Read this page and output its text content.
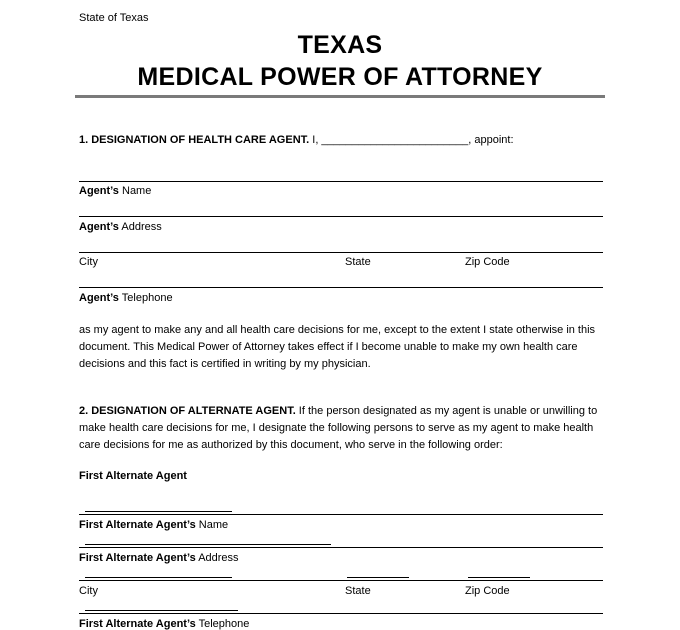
State of Texas
TEXAS
MEDICAL POWER OF ATTORNEY
1. DESIGNATION OF HEALTH CARE AGENT. I, ________________________, appoint:
Agent’s Name
Agent’s Address
City	State	Zip Code
Agent’s Telephone
as my agent to make any and all health care decisions for me, except to the extent I state otherwise in this document. This Medical Power of Attorney takes effect if I become unable to make my own health care decisions and this fact is certified in writing by my physician.
2. DESIGNATION OF ALTERNATE AGENT. If the person designated as my agent is unable or unwilling to make health care decisions for me, I designate the following persons to serve as my agent to make health care decisions for me as authorized by this document, who serve in the following order:
First Alternate Agent
First Alternate Agent’s Name
First Alternate Agent’s Address
City	State	Zip Code
First Alternate Agent’s Telephone
